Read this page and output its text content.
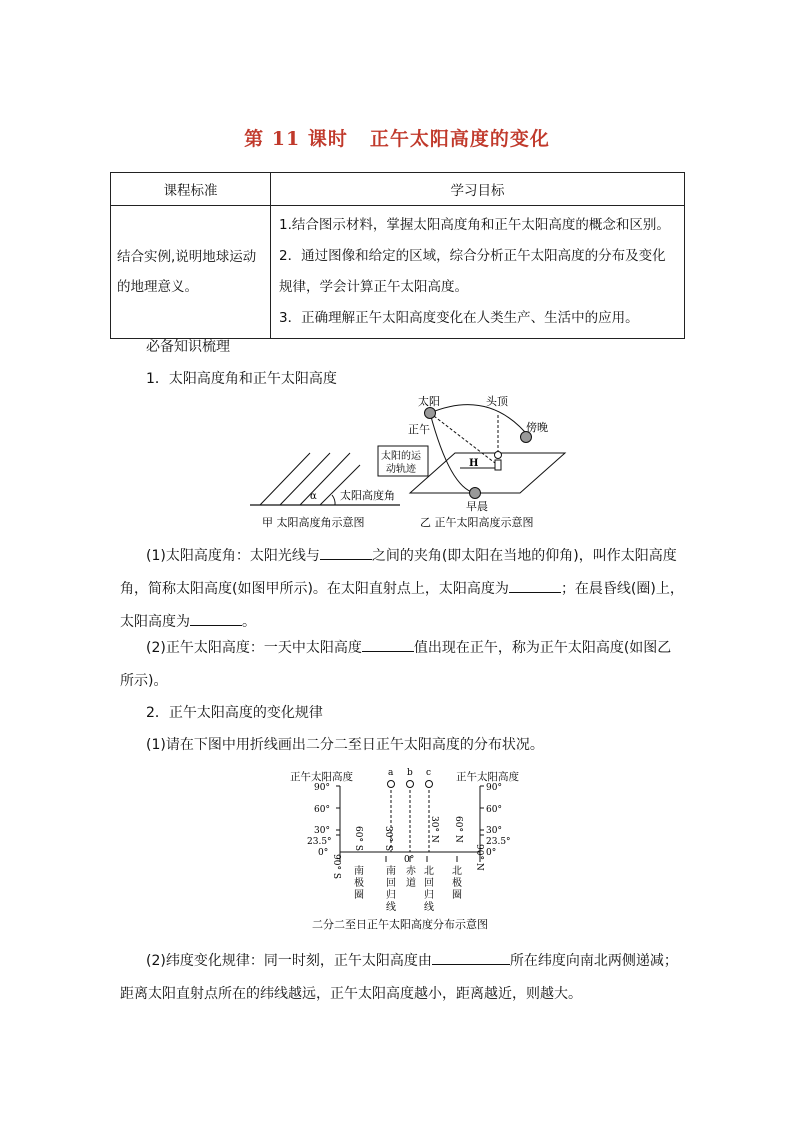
第 11 课时 正午太阳高度的变化
课程标准	学习目标
结合实例,说明地球运动的地理意义。	1.结合图示材料，掌握太阳高度角和正午太阳高度的概念和区别。
2．通过图像和给定的区域，综合分析正午太阳高度的分布及变化规律，学会计算正午太阳高度。
3．正确理解正午太阳高度变化在人类生产、生活中的应用。
必备知识梳理
1．太阳高度角和正午太阳高度
α 太阳高度角
甲 太阳高度角示意图
太阳的运
动轨迹
太阳	头顶
正午	傍晚
H
早晨
乙 正午太阳高度示意图
(1)太阳高度角：太阳光线与	之间的夹角(即太阳在当地的仰角)，叫作太阳高度角，简称太阳高度(如图甲所示)。在太阳直射点上，太阳高度为	；在晨昏线(圈)上，太阳高度为	。
(2)正午太阳高度：一天中太阳高度	值出现在正午，称为正午太阳高度(如图乙所示)。
2．正午太阳高度的变化规律
(1)请在下图中用折线画出二分二至日正午太阳高度的分布状况。
正午太阳高度	正午太阳高度
90°
60°
30°
23.5°
0°
90°
60°
30°
23.5°
0°
60° S 30° S	30° N 60° N
90° S	90° N
a b c
0°
南极圈
南回归线
赤道
北回归线
北极圈
二分二至日正午太阳高度分布示意图
(2)纬度变化规律：同一时刻，正午太阳高度由	所在纬度向南北两侧递减；距离太阳直射点所在的纬线越远，正午太阳高度越小，距离越近，则越大。
